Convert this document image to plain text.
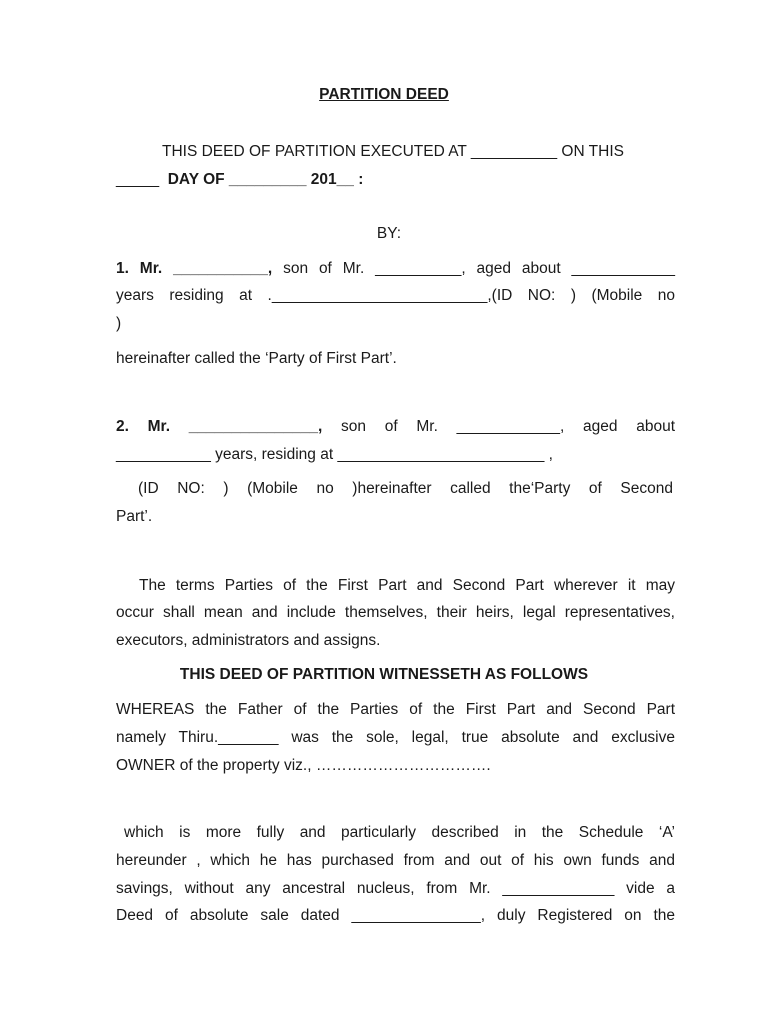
PARTITION DEED
THIS DEED OF PARTITION EXECUTED AT __________ ON THIS
_____ DAY OF _________ 201__ :
BY:
1. Mr. ___________, son of Mr. __________, aged about ____________
years residing at ._________________________,(ID NO: ) (Mobile no
)
hereinafter called the ‘Party of First Part’.
2. Mr. _______________, son of Mr. ____________, aged about
___________ years, residing at ________________________ ,
(ID NO: ) (Mobile no )hereinafter called the‘Party of Second
Part’.
The terms Parties of the First Part and Second Part wherever it may
occur shall mean and include themselves, their heirs, legal representatives,
executors, administrators and assigns.
THIS DEED OF PARTITION WITNESSETH AS FOLLOWS
WHEREAS the Father of the Parties of the First Part and Second Part
namely Thiru._______ was the sole, legal, true absolute and exclusive
OWNER of the property viz., …………………………….
which is more fully and particularly described in the Schedule ‘A’
hereunder , which he has purchased from and out of his own funds and
savings, without any ancestral nucleus, from Mr. _____________ vide a
Deed of absolute sale dated _______________, duly Registered on the
